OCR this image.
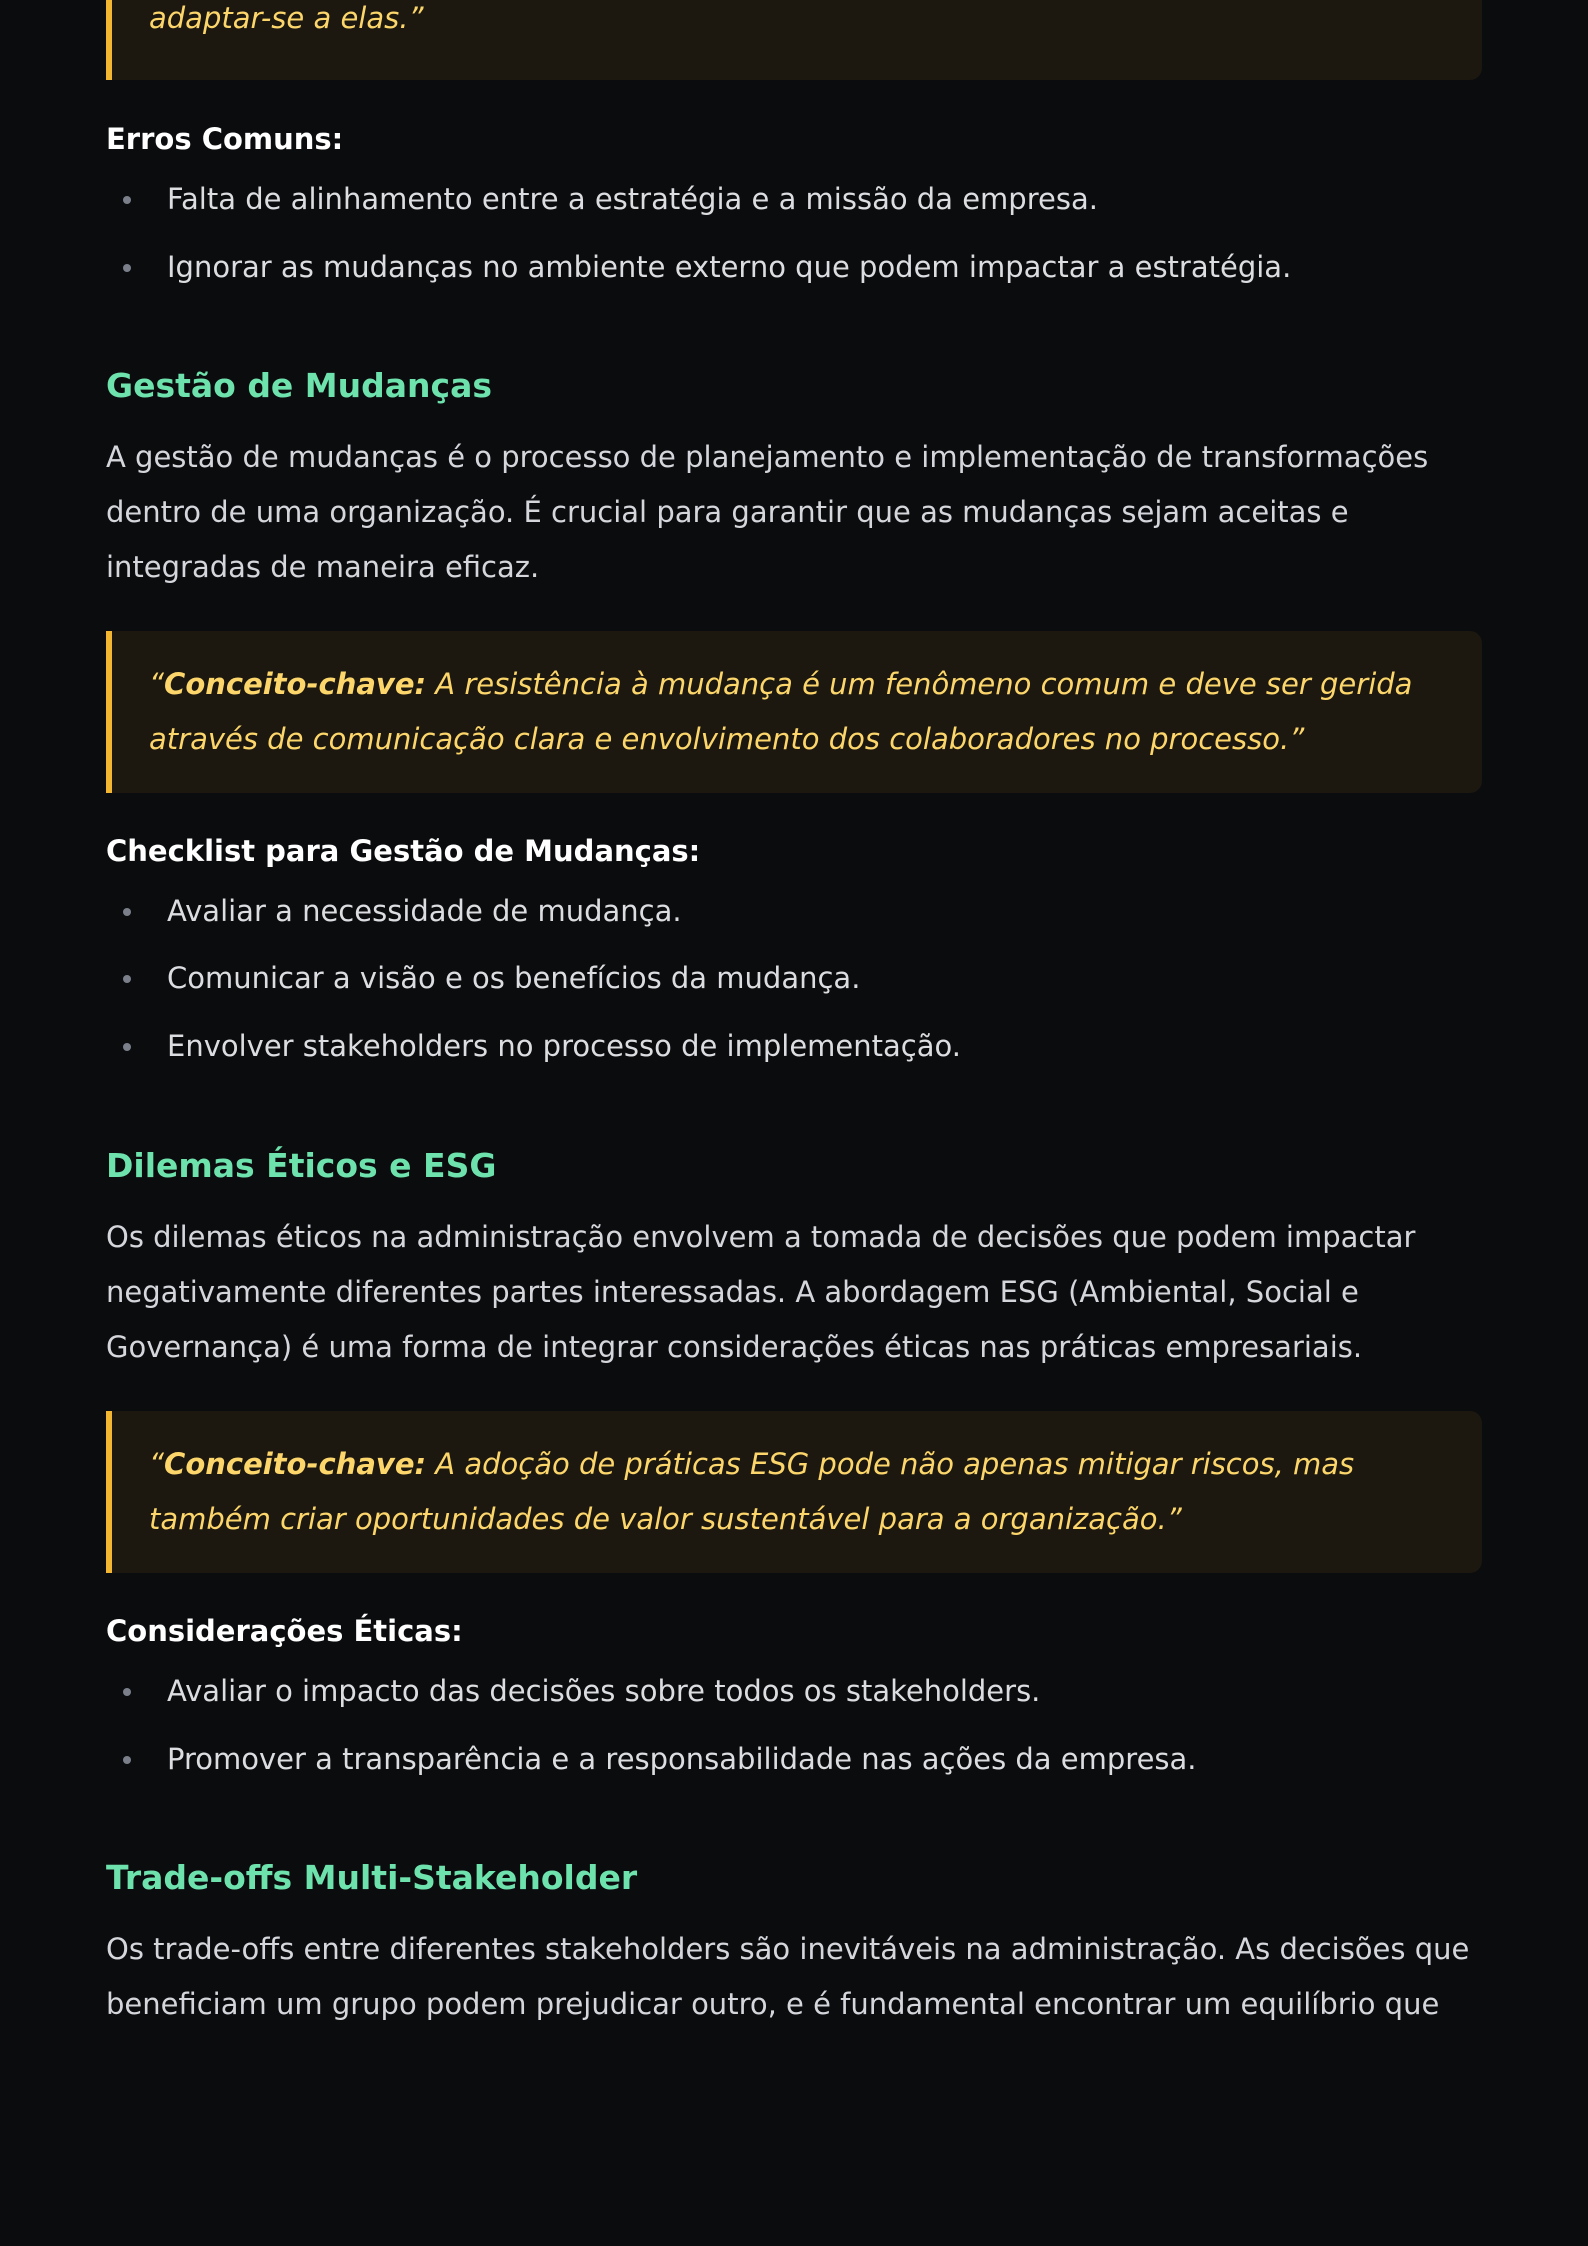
adaptar-se a elas.”

Erros Comuns:

Falta de alinhamento entre a estratégia e a missão da empresa.
Ignorar as mudanças no ambiente externo que podem impactar a estratégia.
Gestão de Mudanças

A gestão de mudanças é o processo de planejamento e implementação de transformações dentro de uma organização. É crucial para garantir que as mudanças sejam aceitas e integradas de maneira eficaz.

“Conceito-chave: A resistência à mudança é um fenômeno comum e deve ser gerida através de comunicação clara e envolvimento dos colaboradores no processo.”

Checklist para Gestão de Mudanças:

Avaliar a necessidade de mudança.
Comunicar a visão e os benefícios da mudança.
Envolver stakeholders no processo de implementação.
Dilemas Éticos e ESG

Os dilemas éticos na administração envolvem a tomada de decisões que podem impactar negativamente diferentes partes interessadas. A abordagem ESG (Ambiental, Social e Governança) é uma forma de integrar considerações éticas nas práticas empresariais.

“Conceito-chave: A adoção de práticas ESG pode não apenas mitigar riscos, mas também criar oportunidades de valor sustentável para a organização.”

Considerações Éticas:

Avaliar o impacto das decisões sobre todos os stakeholders.
Promover a transparência e a responsabilidade nas ações da empresa.
Trade-offs Multi-Stakeholder

Os trade-offs entre diferentes stakeholders são inevitáveis na administração. As decisões que beneficiam um grupo podem prejudicar outro, e é fundamental encontrar um equilíbrio que
